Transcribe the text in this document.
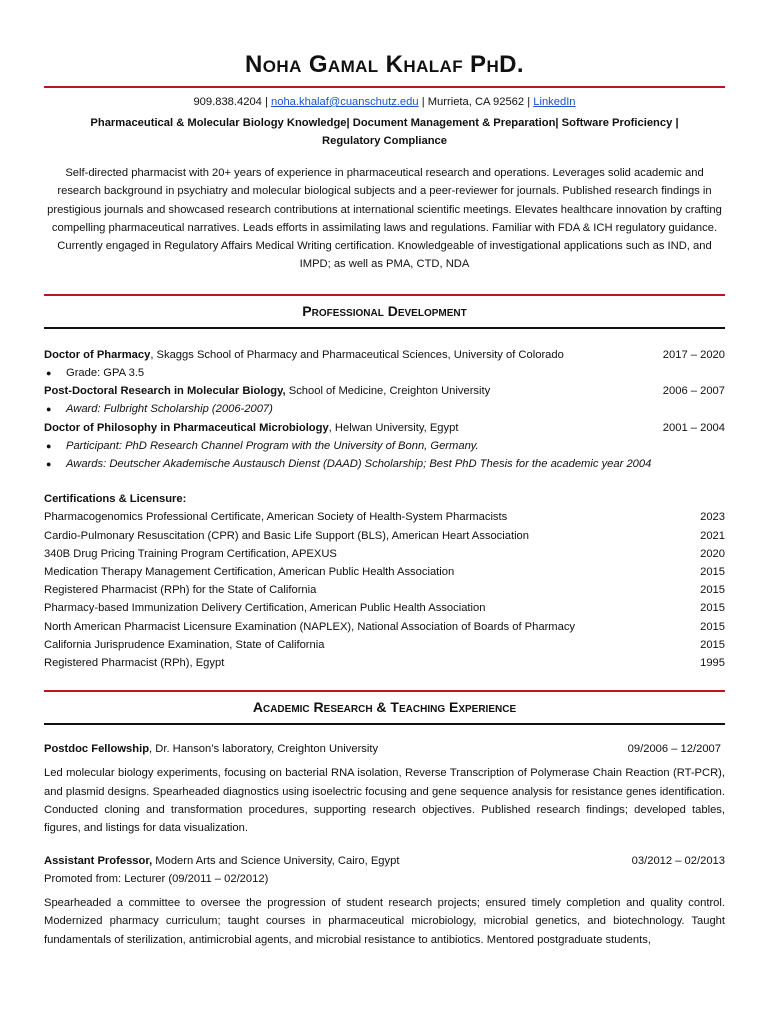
Noha Gamal Khalaf PhD.
909.838.4204 | noha.khalaf@cuanschutz.edu | Murrieta, CA 92562 | LinkedIn
Pharmaceutical & Molecular Biology Knowledge| Document Management & Preparation| Software Proficiency |
Regulatory Compliance
Self-directed pharmacist with 20+ years of experience in pharmaceutical research and operations. Leverages solid academic and research background in psychiatry and molecular biological subjects and a peer-reviewer for journals. Published research findings in prestigious journals and showcased research contributions at international scientific meetings. Elevates healthcare innovation by crafting compelling pharmaceutical narratives. Leads efforts in assimilating laws and regulations. Familiar with FDA & ICH regulatory guidance. Currently engaged in Regulatory Affairs Medical Writing certification. Knowledgeable of investigational applications such as IND, and IMPD; as well as PMA, CTD, NDA
Professional Development
Doctor of Pharmacy, Skaggs School of Pharmacy and Pharmaceutical Sciences, University of Colorado	2017 – 2020
● Grade: GPA 3.5
Post-Doctoral Research in Molecular Biology, School of Medicine, Creighton University	2006 – 2007
● Award: Fulbright Scholarship (2006-2007)
Doctor of Philosophy in Pharmaceutical Microbiology, Helwan University, Egypt	2001 – 2004
● Participant: PhD Research Channel Program with the University of Bonn, Germany.
● Awards: Deutscher Akademische Austausch Dienst (DAAD) Scholarship; Best PhD Thesis for the academic year 2004
Certifications & Licensure:
Pharmacogenomics Professional Certificate, American Society of Health-System Pharmacists	2023
Cardio-Pulmonary Resuscitation (CPR) and Basic Life Support (BLS), American Heart Association	2021
340B Drug Pricing Training Program Certification, APEXUS	2020
Medication Therapy Management Certification, American Public Health Association	2015
Registered Pharmacist (RPh) for the State of California	2015
Pharmacy-based Immunization Delivery Certification, American Public Health Association	2015
North American Pharmacist Licensure Examination (NAPLEX), National Association of Boards of Pharmacy	2015
California Jurisprudence Examination, State of California	2015
Registered Pharmacist (RPh), Egypt	1995
Academic Research & Teaching Experience
Postdoc Fellowship, Dr. Hanson’s laboratory, Creighton University	09/2006 – 12/2007
Led molecular biology experiments, focusing on bacterial RNA isolation, Reverse Transcription of Polymerase Chain Reaction (RT-PCR), and plasmid designs. Spearheaded diagnostics using isoelectric focusing and gene sequence analysis for resistance genes identification. Conducted cloning and transformation procedures, supporting research objectives. Published research findings; developed tables, figures, and listings for data visualization.
Assistant Professor, Modern Arts and Science University, Cairo, Egypt	03/2012 – 02/2013
Promoted from: Lecturer (09/2011 – 02/2012)
Spearheaded a committee to oversee the progression of student research projects; ensured timely completion and quality control. Modernized pharmacy curriculum; taught courses in pharmaceutical microbiology, microbial genetics, and biotechnology. Taught fundamentals of sterilization, antimicrobial agents, and microbial resistance to antibiotics. Mentored postgraduate students,
